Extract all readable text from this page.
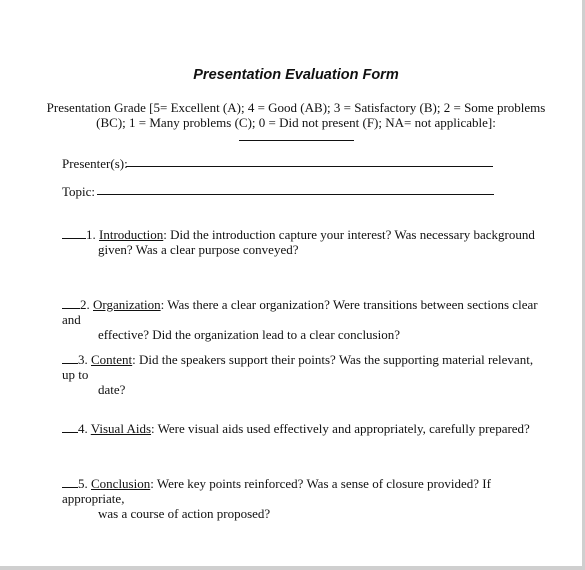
Presentation Evaluation Form
Presentation Grade [5= Excellent (A); 4 = Good (AB); 3 = Satisfactory (B); 2 = Some problems
(BC); 1 = Many problems (C); 0 = Did not present (F); NA= not applicable]:
Presenter(s):
Topic:
1. Introduction: Did the introduction capture your interest? Was necessary background
given? Was a clear purpose conveyed?
2. Organization: Was there a clear organization? Were transitions between sections clear and
effective? Did the organization lead to a clear conclusion?
3. Content: Did the speakers support their points? Was the supporting material relevant, up to
date?
4. Visual Aids: Were visual aids used effectively and appropriately, carefully prepared?
5. Conclusion: Were key points reinforced? Was a sense of closure provided? If appropriate,
was a course of action proposed?
